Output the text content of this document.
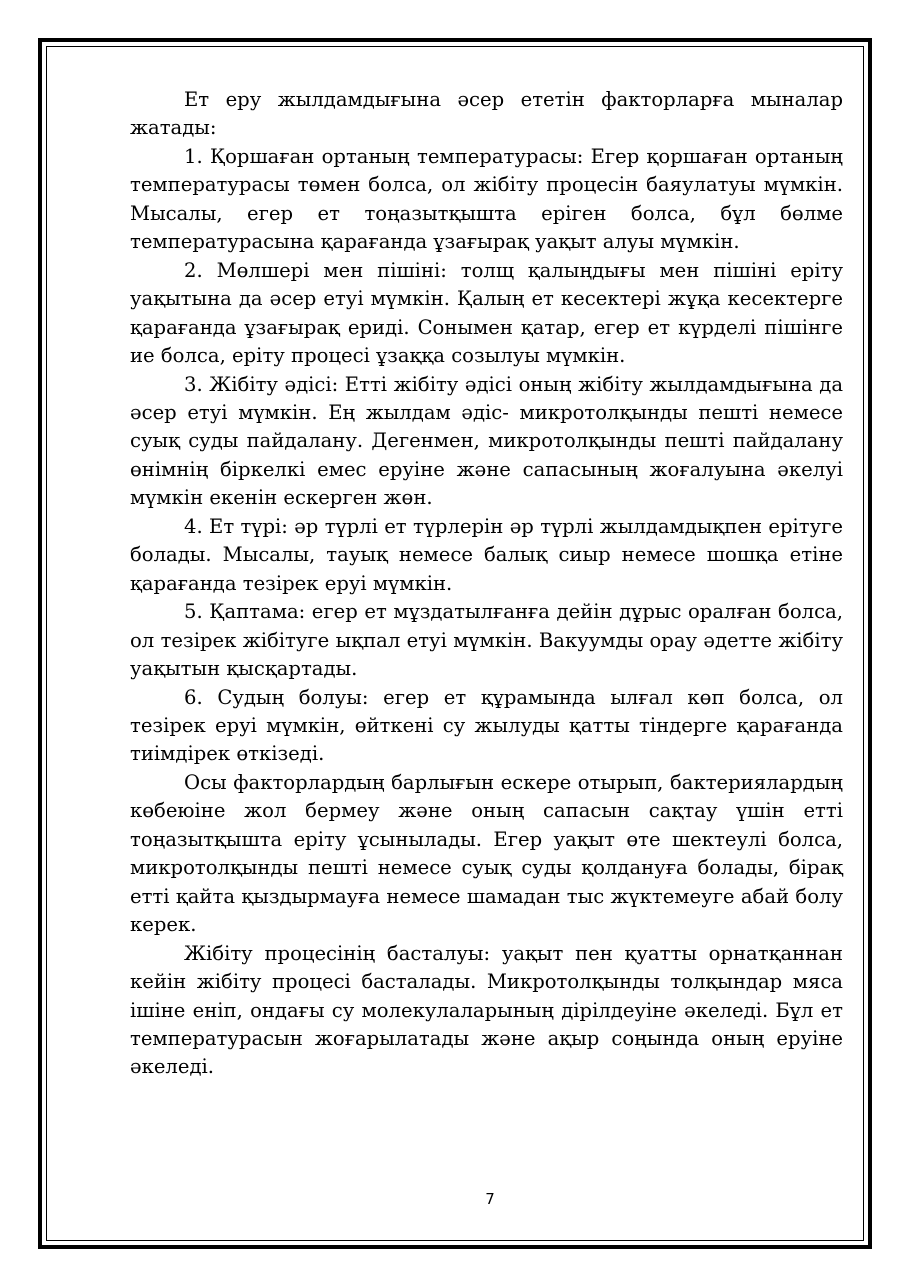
Ет еру жылдамдығына әсер ететін факторларға мыналар жатады:

1. Қоршаған ортаның температурасы: Егер қоршаған ортаның температурасы төмен болса, ол жібіту процесін баяулатуы мүмкін. Мысалы, егер ет тоңазытқышта еріген болса, бұл бөлме температурасына қарағанда ұзағырақ уақыт алуы мүмкін.

2. Мөлшері мен пішіні: толщ қалыңдығы мен пішіні еріту уақытына да әсер етуі мүмкін. Қалың ет кесектері жұқа кесектерге қарағанда ұзағырақ ериді. Сонымен қатар, егер ет күрделі пішінге ие болса, еріту процесі ұзаққа созылуы мүмкін.

3. Жібіту әдісі: Етті жібіту әдісі оның жібіту жылдамдығына да әсер етуі мүмкін. Ең жылдам әдіс- микротолқынды пешті немесе суық суды пайдалану. Дегенмен, микротолқынды пешті пайдалану өнімнің біркелкі емес еруіне және сапасының жоғалуына әкелуі мүмкін екенін ескерген жөн.

4. Ет түрі: әр түрлі ет түрлерін әр түрлі жылдамдықпен ерітуге болады. Мысалы, тауық немесе балық сиыр немесе шошқа етіне қарағанда тезірек еруі мүмкін.

5. Қаптама: егер ет мұздатылғанға дейін дұрыс оралған болса, ол тезірек жібітуге ықпал етуі мүмкін. Вакуумды орау әдетте жібіту уақытын қысқартады.

6. Судың болуы: егер ет құрамында ылғал көп болса, ол тезірек еруі мүмкін, өйткені су жылуды қатты тіндерге қарағанда тиімдірек өткізеді.

Осы факторлардың барлығын ескере отырып, бактериялардың көбеюіне жол бермеу және оның сапасын сақтау үшін етті тоңазытқышта еріту ұсынылады. Егер уақыт өте шектеулі болса, микротолқынды пешті немесе суық суды қолдануға болады, бірақ етті қайта қыздырмауға немесе шамадан тыс жүктемеуге абай болу керек.

Жібіту процесінің басталуы: уақыт пен қуатты орнатқаннан кейін жібіту процесі басталады. Микротолқынды толқындар мяса ішіне еніп, ондағы су молекулаларының дірілдеуіне әкеледі. Бұл ет температурасын жоғарылатады және ақыр соңында оның еруіне әкеледі.

7
